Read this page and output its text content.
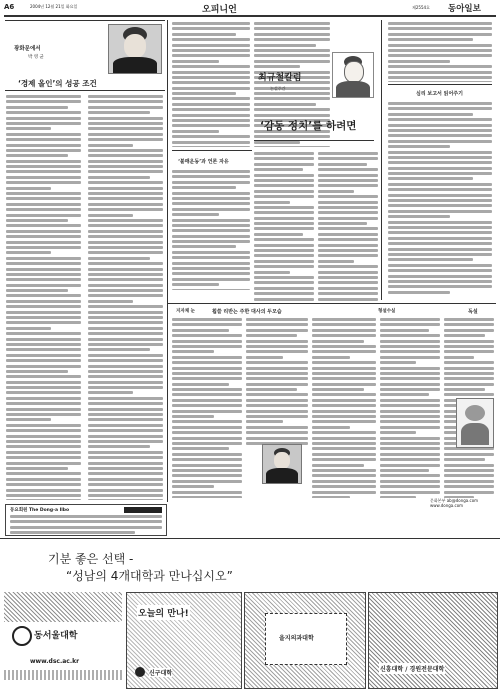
A6	2004년 12월 21일 화요일	오피니언	제2554호 동아일보
광화문에서
박 영 균
‘경제 올인’의 성공 조건
‘불매운동’과 언론 자유
최규철칼럼
논설주간
‘감동 정치’를 하려면
심리 보고서 읽어주기
지자체 눈	휩쓸 리반는 주한 대사의 두모습	형설수실	독설
문화본부 ab@donga.com www.donga.com
동요회원 The Dong-a Ilbo
기분 좋은 선택 -
“성남의 4개대학과 만나십시오”
동서울대학
www.dsc.ac.kr
오늘의 만나!
신구대학
을지의과대학
신흥대학 / 경원전문대학
